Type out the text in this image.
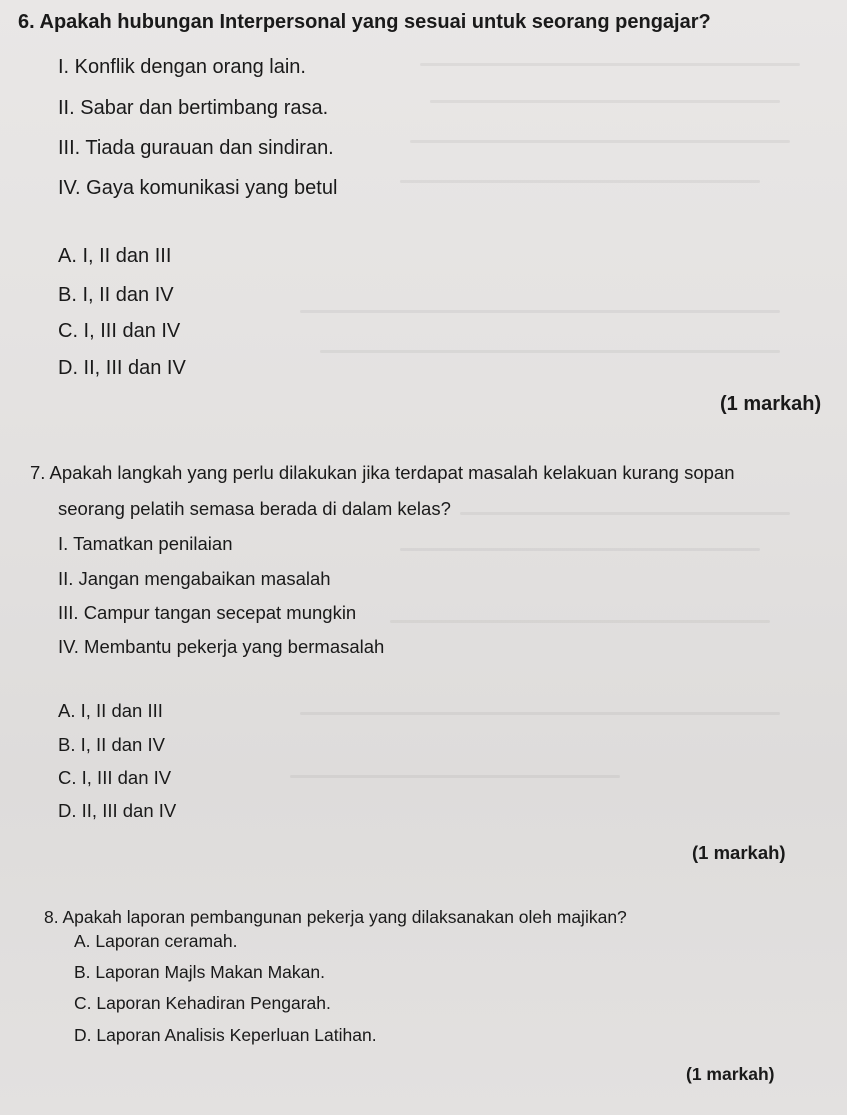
6. Apakah hubungan Interpersonal yang sesuai untuk seorang pengajar?
I. Konflik dengan orang lain.
II. Sabar dan bertimbang rasa.
III. Tiada gurauan dan sindiran.
IV. Gaya komunikasi yang betul
A. I, II dan III
B. I, II dan IV
C. I, III dan IV
D. II, III dan IV
(1 markah)
7. Apakah langkah yang perlu dilakukan jika terdapat masalah kelakuan kurang sopan
seorang pelatih semasa berada di dalam kelas?
I. Tamatkan penilaian
II. Jangan mengabaikan masalah
III. Campur tangan secepat mungkin
IV. Membantu pekerja yang bermasalah
A. I, II dan III
B. I, II dan IV
C. I, III dan IV
D. II, III dan IV
(1 markah)
8. Apakah laporan pembangunan pekerja yang dilaksanakan oleh majikan?
A. Laporan ceramah.
B. Laporan Majls Makan Makan.
C. Laporan Kehadiran Pengarah.
D. Laporan Analisis Keperluan Latihan.
(1 markah)
